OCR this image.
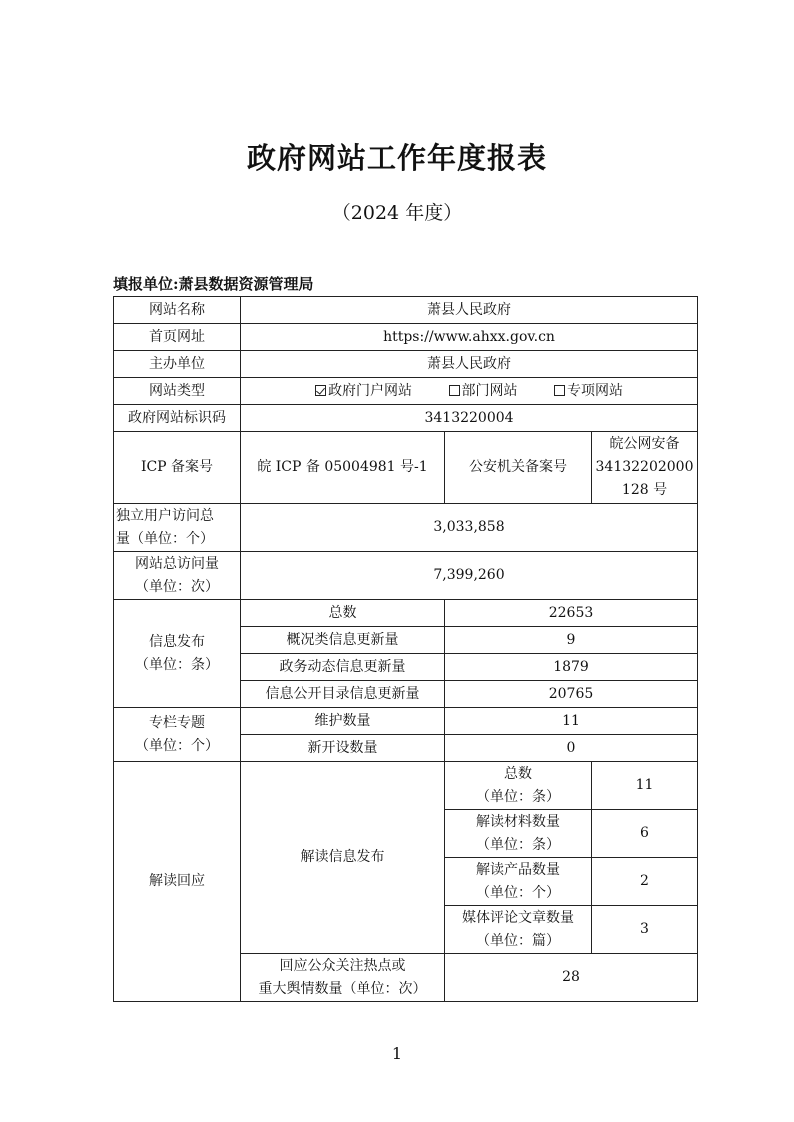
政府网站工作年度报表
（2024 年度）
填报单位:萧县数据资源管理局
网站名称	萧县人民政府		
首页网址	https://www.ahxx.gov.cn		
主办单位	萧县人民政府		
网站类型	政府门户网站 部门网站 专项网站		
政府网站标识码	3413220004		
ICP 备案号	皖 ICP 备 05004981 号-1	公安机关备案号	皖公网安备
34132202000
128 号

独立用户访问总
量（单位：个）	3,033,858		

网站总访问量
（单位：次）	7,399,260		

信息发布
（单位：条）	总数	22653	
	概况类信息更新量	9	
	政务动态信息更新量	1879	
	信息公开目录信息更新量	20765	

专栏专题
（单位：个）	维护数量	11	
	新开设数量	0	
解读回应	解读信息发布	总数
（单位：条）	11

		解读材料数量
（单位：条）	6

		解读产品数量
（单位：个）	2

		媒体评论文章数量
（单位：篇）	3

	回应公众关注热点或
重大舆情数量（单位：次）	28	
1
